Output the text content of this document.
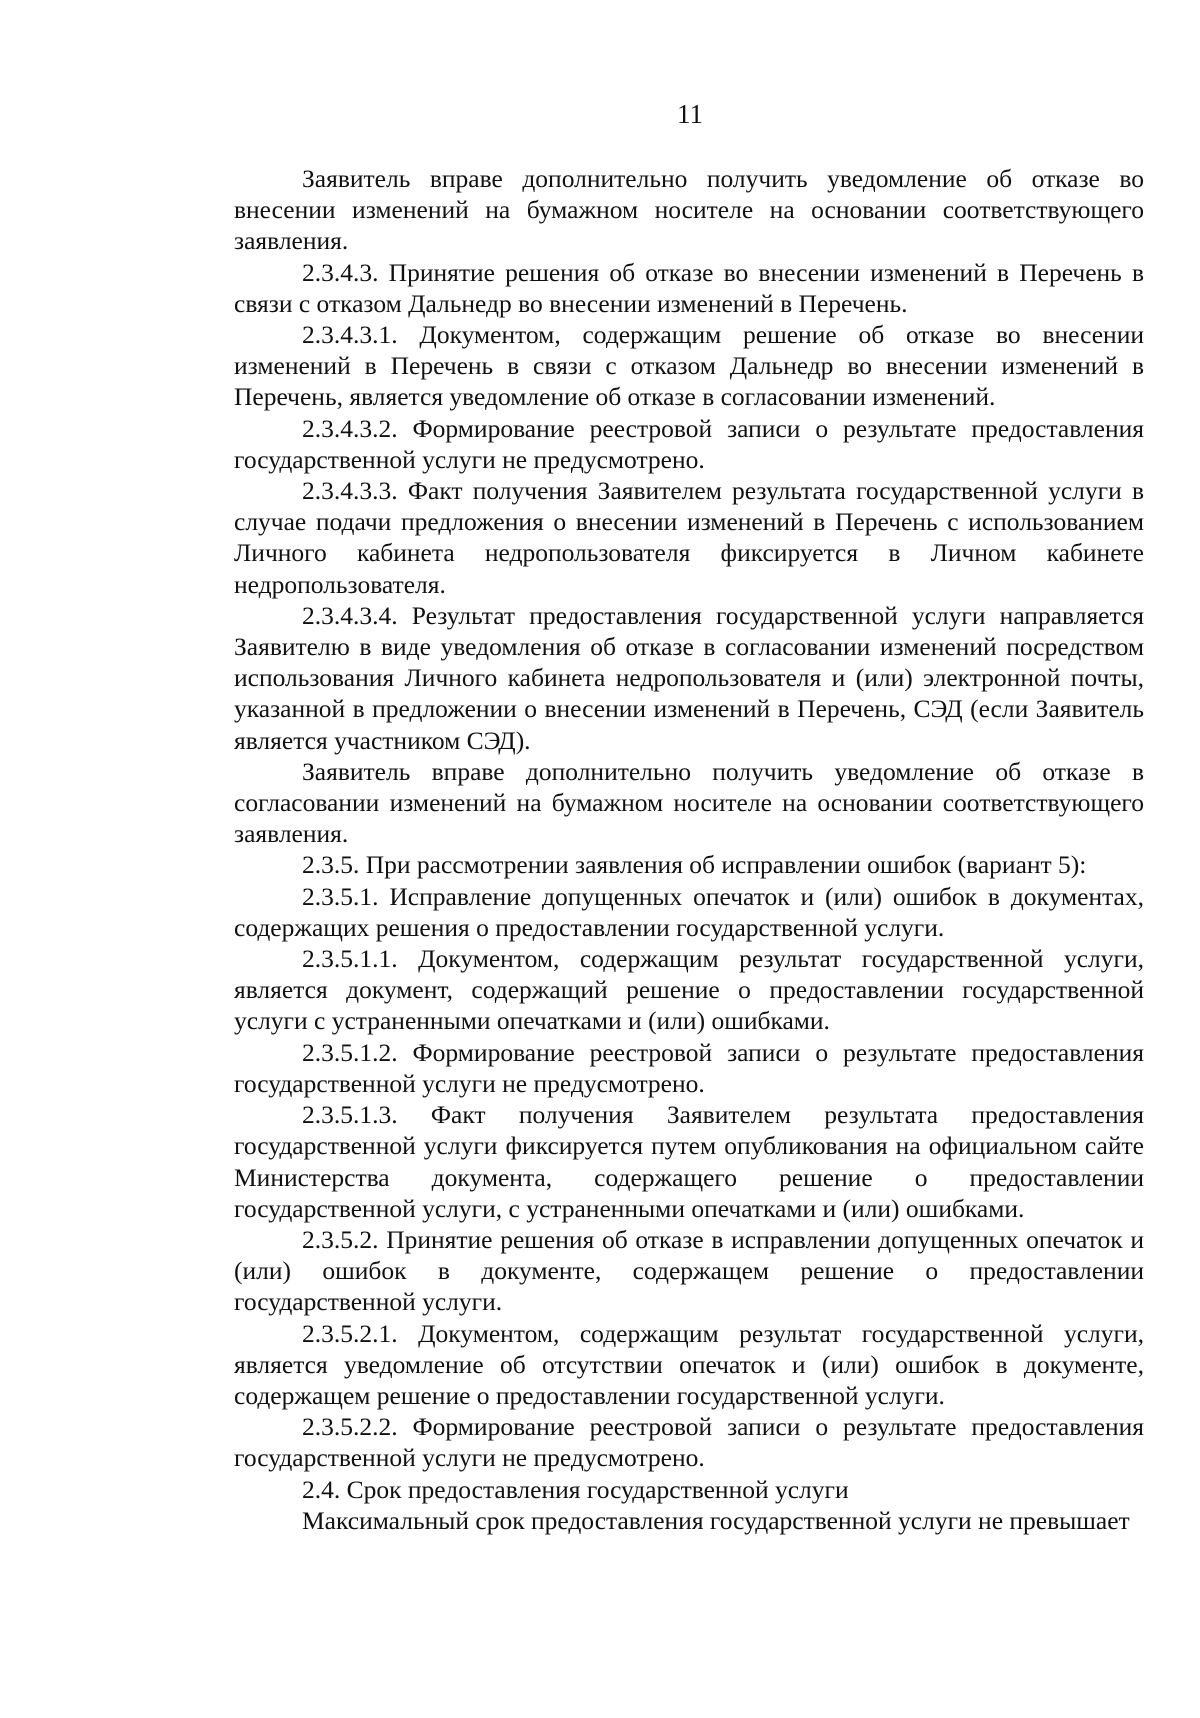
11

Заявитель вправе дополнительно получить уведомление об отказе во внесении изменений на бумажном носителе на основании соответствующего заявления.

2.3.4.3. Принятие решения об отказе во внесении изменений в Перечень в связи с отказом Дальнедр во внесении изменений в Перечень.

2.3.4.3.1. Документом, содержащим решение об отказе во внесении изменений в Перечень в связи с отказом Дальнедр во внесении изменений в Перечень, является уведомление об отказе в согласовании изменений.

2.3.4.3.2. Формирование реестровой записи о результате предоставления государственной услуги не предусмотрено.

2.3.4.3.3. Факт получения Заявителем результата государственной услуги в случае подачи предложения о внесении изменений в Перечень с использованием Личного кабинета недропользователя фиксируется в Личном кабинете недропользователя.

2.3.4.3.4. Результат предоставления государственной услуги направляется Заявителю в виде уведомления об отказе в согласовании изменений посредством использования Личного кабинета недропользователя и (или) электронной почты, указанной в предложении о внесении изменений в Перечень, СЭД (если Заявитель является участником СЭД).

Заявитель вправе дополнительно получить уведомление об отказе в согласовании изменений на бумажном носителе на основании соответствующего заявления.

2.3.5. При рассмотрении заявления об исправлении ошибок (вариант 5):

2.3.5.1. Исправление допущенных опечаток и (или) ошибок в документах, содержащих решения о предоставлении государственной услуги.

2.3.5.1.1. Документом, содержащим результат государственной услуги, является документ, содержащий решение о предоставлении государственной услуги с устраненными опечатками и (или) ошибками.

2.3.5.1.2. Формирование реестровой записи о результате предоставления государственной услуги не предусмотрено.

2.3.5.1.3. Факт получения Заявителем результата предоставления государственной услуги фиксируется путем опубликования на официальном сайте Министерства документа, содержащего решение о предоставлении государственной услуги, с устраненными опечатками и (или) ошибками.

2.3.5.2. Принятие решения об отказе в исправлении допущенных опечаток и (или) ошибок в документе, содержащем решение о предоставлении государственной услуги.

2.3.5.2.1. Документом, содержащим результат государственной услуги, является уведомление об отсутствии опечаток и (или) ошибок в документе, содержащем решение о предоставлении государственной услуги.

2.3.5.2.2. Формирование реестровой записи о результате предоставления государственной услуги не предусмотрено.

2.4. Срок предоставления государственной услуги

Максимальный срок предоставления государственной услуги не превышает
